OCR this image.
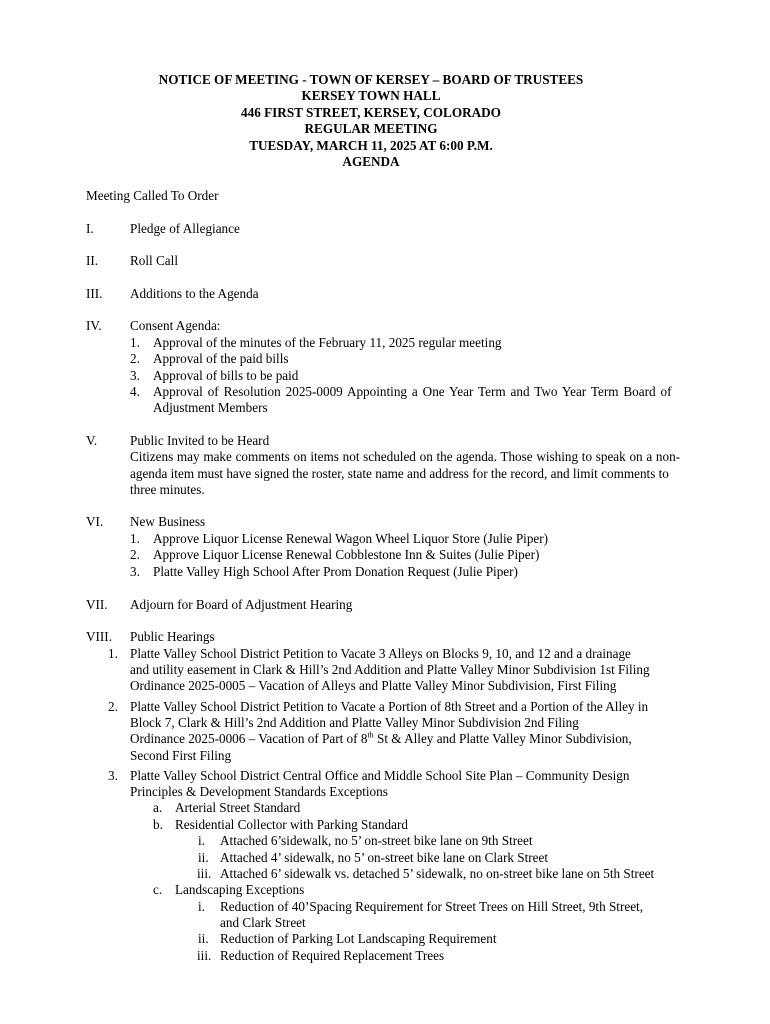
NOTICE OF MEETING - TOWN OF KERSEY – BOARD OF TRUSTEES
KERSEY TOWN HALL
446 FIRST STREET, KERSEY, COLORADO
REGULAR MEETING
TUESDAY, MARCH 11, 2025 AT 6:00 P.M.
AGENDA
Meeting Called To Order
I.	Pledge of Allegiance
II. Roll Call
III. Additions to the Agenda
IV. Consent Agenda:
1. Approval of the minutes of the February 11, 2025 regular meeting
2. Approval of the paid bills
3. Approval of bills to be paid
4. Approval of Resolution 2025-0009 Appointing a One Year Term and Two Year Term Board of
Adjustment Members
V. Public Invited to be Heard
Citizens may make comments on items not scheduled on the agenda. Those wishing to speak on a non-
agenda item must have signed the roster, state name and address for the record, and limit comments to
three minutes.
VI. New Business
1. Approve Liquor License Renewal Wagon Wheel Liquor Store (Julie Piper)
2. Approve Liquor License Renewal Cobblestone Inn & Suites (Julie Piper)
3. Platte Valley High School After Prom Donation Request (Julie Piper)
VII. Adjourn for Board of Adjustment Hearing
VIII. Public Hearings
1. Platte Valley School District Petition to Vacate 3 Alleys on Blocks 9, 10, and 12 and a drainage
and utility easement in Clark & Hill’s 2nd Addition and Platte Valley Minor Subdivision 1st Filing
Ordinance 2025-0005 – Vacation of Alleys and Platte Valley Minor Subdivision, First Filing
2. Platte Valley School District Petition to Vacate a Portion of 8th Street and a Portion of the Alley in
Block 7, Clark & Hill’s 2nd Addition and Platte Valley Minor Subdivision 2nd Filing
Ordinance 2025-0006 – Vacation of Part of 8th St & Alley and Platte Valley Minor Subdivision,
Second First Filing
3. Platte Valley School District Central Office and Middle School Site Plan – Community Design
Principles & Development Standards Exceptions
a. Arterial Street Standard
b. Residential Collector with Parking Standard
i. Attached 6’sidewalk, no 5’ on-street bike lane on 9th Street
ii. Attached 4’ sidewalk, no 5’ on-street bike lane on Clark Street
iii. Attached 6’ sidewalk vs. detached 5’ sidewalk, no on-street bike lane on 5th Street
c. Landscaping Exceptions
i. Reduction of 40’Spacing Requirement for Street Trees on Hill Street, 9th Street,
and Clark Street
ii. Reduction of Parking Lot Landscaping Requirement
iii. Reduction of Required Replacement Trees
